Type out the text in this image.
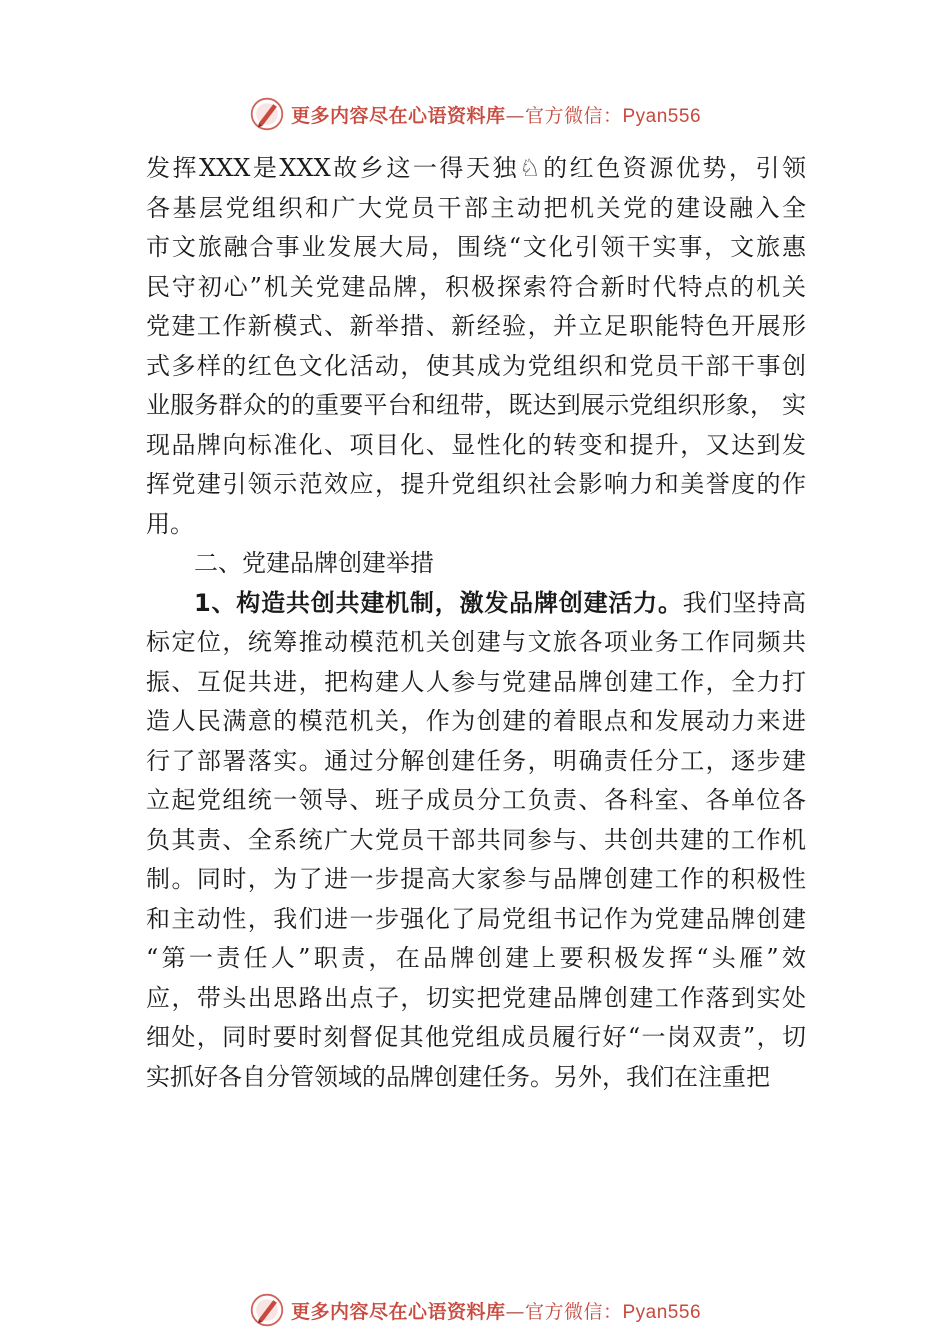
更多内容尽在心语资料库—官方微信：Pyan556
发挥XXX是XXX故乡这一得天独♘的红色资源优势，引领
各基层党组织和广大党员干部主动把机关党的建设融入全
市文旅融合事业发展大局，围绕“文化引领干实事，文旅惠
民守初心”机关党建品牌，积极探索符合新时代特点的机关
党建工作新模式、新举措、新经验，并立足职能特色开展形
式多样的红色文化活动，使其成为党组织和党员干部干事创
业服务群众的的重要平台和纽带，既达到展示党组织形象， 实
现品牌向标准化、项目化、显性化的转变和提升，又达到发
挥党建引领示范效应，提升党组织社会影响力和美誉度的作
用。
二、党建品牌创建举措
1、构造共创共建机制，激发品牌创建活力。我们坚持高
标定位，统筹推动模范机关创建与文旅各项业务工作同频共
振、互促共进，把构建人人参与党建品牌创建工作，全力打
造人民满意的模范机关，作为创建的着眼点和发展动力来进
行了部署落实。通过分解创建任务，明确责任分工，逐步建
立起党组统一领导、班子成员分工负责、各科室、各单位各
负其责、全系统广大党员干部共同参与、共创共建的工作机
制。同时，为了进一步提高大家参与品牌创建工作的积极性
和主动性，我们进一步强化了局党组书记作为党建品牌创建
“第一责任人”职责，在品牌创建上要积极发挥“头雁”效
应，带头出思路出点子，切实把党建品牌创建工作落到实处
细处，同时要时刻督促其他党组成员履行好“一岗双责”，切
实抓好各自分管领域的品牌创建任务。另外，我们在注重把
更多内容尽在心语资料库—官方微信：Pyan556
